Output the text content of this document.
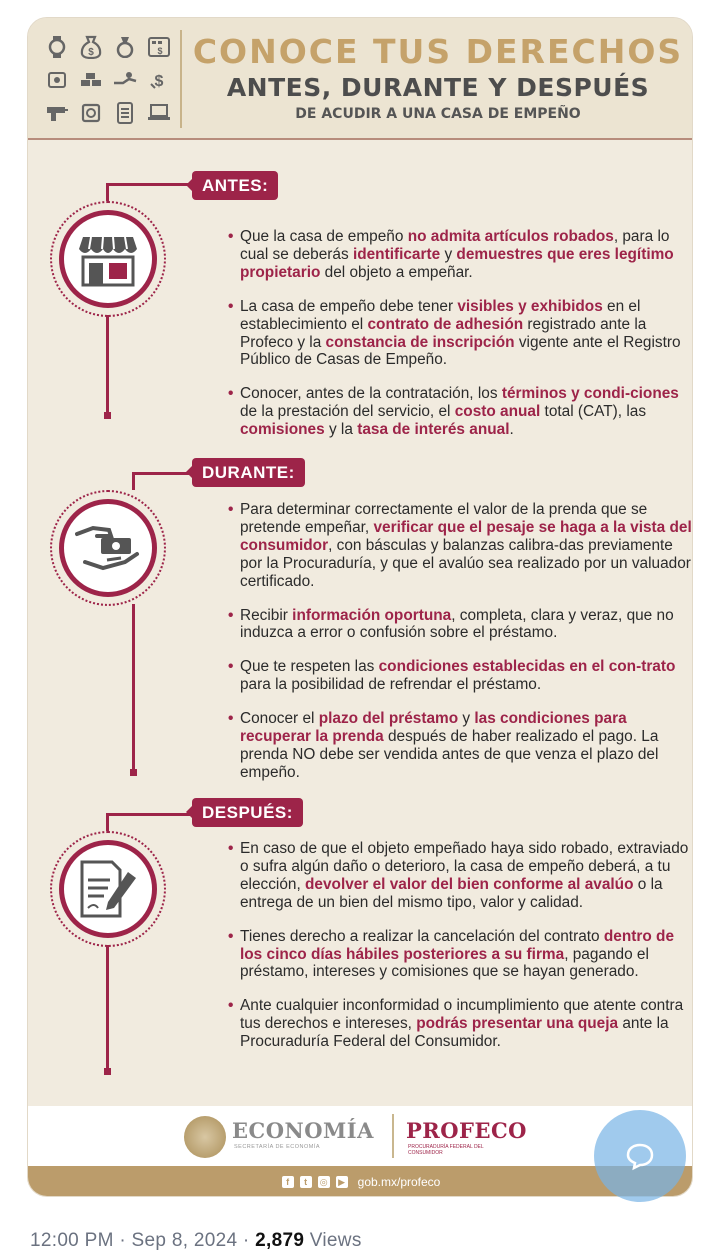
$	$
$
CONOCE TUS DERECHOS
ANTES, DURANTE Y DESPUÉS
DE ACUDIR A UNA CASA DE EMPEÑO
ANTES:
• Que la casa de empeño no admita artículos robados, para lo cual se deberás identificarte y demuestres que eres legítimo propietario del objeto a empeñar.
• La casa de empeño debe tener visibles y exhibidos en el establecimiento el contrato de adhesión registrado ante la Profeco y la constancia de inscripción vigente ante el Registro Público de Casas de Empeño.
• Conocer, antes de la contratación, los términos y condi-ciones de la prestación del servicio, el costo anual total (CAT), las comisiones y la tasa de interés anual.
DURANTE:
• Para determinar correctamente el valor de la prenda que se pretende empeñar, verificar que el pesaje se haga a la vista del consumidor, con básculas y balanzas calibra-das previamente por la Procuraduría, y que el avalúo sea realizado por un valuador certificado.
• Recibir información oportuna, completa, clara y veraz, que no induzca a error o confusión sobre el préstamo.
• Que te respeten las condiciones establecidas en el con-trato para la posibilidad de refrendar el préstamo.
• Conocer el plazo del préstamo y las condiciones para recuperar la prenda después de haber realizado el pago. La prenda NO debe ser vendida antes de que venza el plazo del empeño.
DESPUÉS:
• En caso de que el objeto empeñado haya sido robado, extraviado o sufra algún daño o deterioro, la casa de empeño deberá, a tu elección, devolver el valor del bien conforme al avalúo o la entrega de un bien del mismo tipo, valor y calidad.
• Tienes derecho a realizar la cancelación del contrato dentro de los cinco días hábiles posteriores a su firma, pagando el préstamo, intereses y comisiones que se hayan generado.
• Ante cualquier inconformidad o incumplimiento que atente contra tus derechos e intereses, podrás presentar una queja ante la Procuraduría Federal del Consumidor.
ECONOMÍA
SECRETARÍA DE ECONOMÍA
PROFECO
PROCURADURÍA FEDERAL DEL CONSUMIDOR
f	t	◎ ▶ gob.mx/profeco
12:00 PM · Sep 8, 2024 · 2,879 Views
